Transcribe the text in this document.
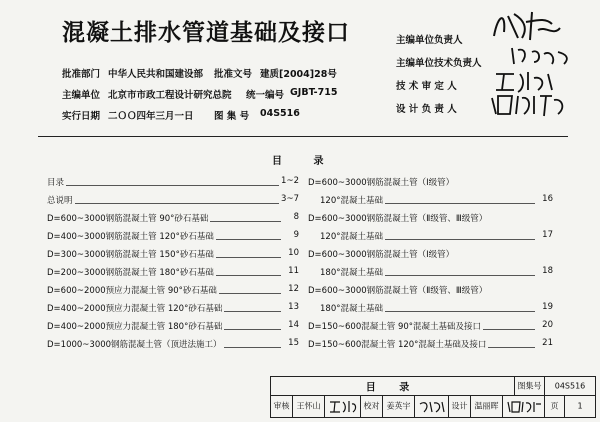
混凝土排水管道基础及接口
批准部门 中华人民共和国建设部 批准文号 建质[2004]28号
主编单位 北京市市政工程设计研究总院 统一编号 GJBT-715
实行日期 二ＯＯ四年三月一日 图 集 号 04S516
主编单位负责人
主编单位技术负责人
技 术 审 定 人
设 计 负 责 人
目 录
目录	1~2
总说明	3~7
D=600~3000钢筋混凝土管 90°砂石基础	8
D=400~3000钢筋混凝土管 120°砂石基础	9
D=300~3000钢筋混凝土管 150°砂石基础	10
D=200~3000钢筋混凝土管 180°砂石基础	11
D=600~2000预应力混凝土管 90°砂石基础	12
D=400~2000预应力混凝土管 120°砂石基础	13
D=400~2000预应力混凝土管 180°砂石基础	14
D=1000~3000钢筋混凝土管（顶进法施工）	15
D=600~3000钢筋混凝土管（Ⅰ级管）
120°混凝土基础	16
D=600~3000钢筋混凝土管（Ⅱ级管、Ⅲ级管）
120°混凝土基础	17
D=600~3000钢筋混凝土管（Ⅰ级管）
180°混凝土基础	18
D=600~3000钢筋混凝土管（Ⅱ级管、Ⅲ级管）
180°混凝土基础	19
D=150~600混凝土管 90°混凝土基础及接口	20
D=150~600混凝土管 120°混凝土基础及接口	21
目 录	图集号	04S516
审核 王怀山	校对 姜英宇	设计 温丽晖	页	1
